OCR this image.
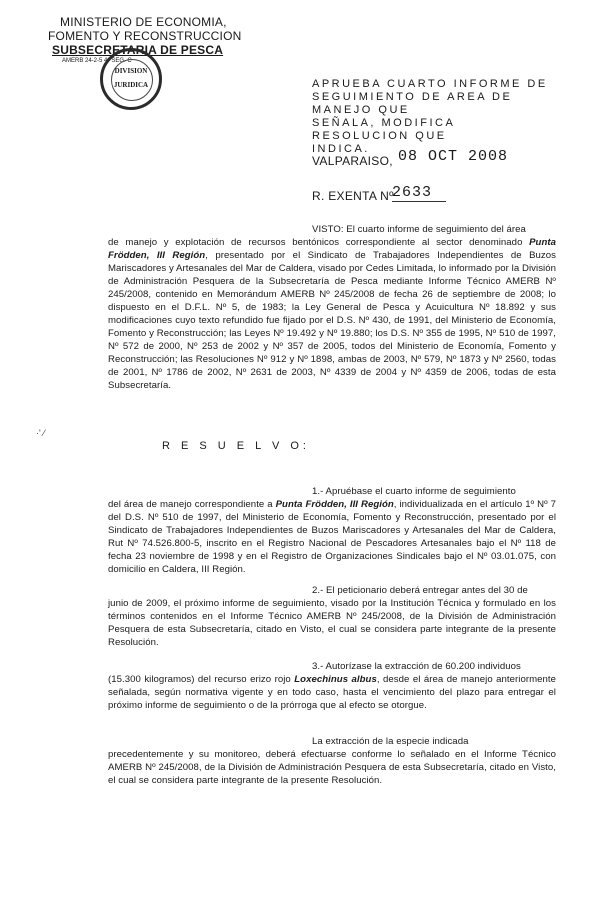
MINISTERIO DE ECONOMIA,
FOMENTO Y RECONSTRUCCION
SUBSECRETARIA DE PESCA
AMERB 24-2-5 4° SEG. C
DIVISION
JURIDICA	APRUEBA CUARTO INFORME DE
SEGUIMIENTO DE AREA DE MANEJO QUE
SEÑALA, MODIFICA RESOLUCION QUE
INDICA.
VALPARAISO, 08 OCT 2008
R. EXENTA Nº
2633
VISTO: El cuarto informe de seguimiento del área

de manejo y explotación de recursos bentónicos correspondiente al sector denominado Punta Frödden, III Región, presentado por el Sindicato de Trabajadores Independientes de Buzos Mariscadores y Artesanales del Mar de Caldera, visado por Cedes Limitada, lo informado por la División de Administración Pesquera de la Subsecretaría de Pesca mediante Informe Técnico AMERB Nº 245/2008, contenido en Memorándum AMERB Nº 245/2008 de fecha 26 de septiembre de 2008; lo dispuesto en el D.F.L. Nº 5, de 1983; la Ley General de Pesca y Acuicultura Nº 18.892 y sus modificaciones cuyo texto refundido fue fijado por el D.S. Nº 430, de 1991, del Ministerio de Economía, Fomento y Reconstrucción; las Leyes Nº 19.492 y Nº 19.880; los D.S. Nº 355 de 1995, Nº 510 de 1997, Nº 572 de 2000, Nº 253 de 2002 y Nº 357 de 2005, todos del Ministerio de Economía, Fomento y Reconstrucción; las Resoluciones Nº 912 y Nº 1898, ambas de 2003, Nº 579, Nº 1873 y Nº 2560, todas de 2001, Nº 1786 de 2002, Nº 2631 de 2003, Nº 4339 de 2004 y Nº 4359 de 2006, todas de esta Subsecretaría.

·' ⁄
R E S U E L V O:
1.- Apruébase el cuarto informe de seguimiento

del área de manejo correspondiente a Punta Frödden, III Región, individualizada en el artículo 1º Nº 7 del D.S. Nº 510 de 1997, del Ministerio de Economía, Fomento y Reconstrucción, presentado por el Sindicato de Trabajadores Independientes de Buzos Mariscadores y Artesanales del Mar de Caldera, Rut Nº 74.526.800-5, inscrito en el Registro Nacional de Pescadores Artesanales bajo el Nº 118 de fecha 23 noviembre de 1998 y en el Registro de Organizaciones Sindicales bajo el Nº 03.01.075, con domicilio en Caldera, III Región.

2.- El peticionario deberá entregar antes del 30 de
junio de 2009, el próximo informe de seguimiento, visado por la Institución Técnica y formulado en los términos contenidos en el Informe Técnico AMERB Nº 245/2008, de la División de Administración Pesquera de esta Subsecretaría, citado en Visto, el cual se considera parte integrante de la presente Resolución.
3.- Autorízase la extracción de 60.200 individuos

(15.300 kilogramos) del recurso erizo rojo Loxechinus albus, desde el área de manejo anteriormente señalada, según normativa vigente y en todo caso, hasta el vencimiento del plazo para entregar el próximo informe de seguimiento o de la prórroga que al efecto se otorgue.

La extracción de la especie indicada
precedentemente y su monitoreo, deberá efectuarse conforme lo señalado en el Informe Técnico AMERB Nº 245/2008, de la División de Administración Pesquera de esta Subsecretaría, citado en Visto, el cual se considera parte integrante de la presente Resolución.
